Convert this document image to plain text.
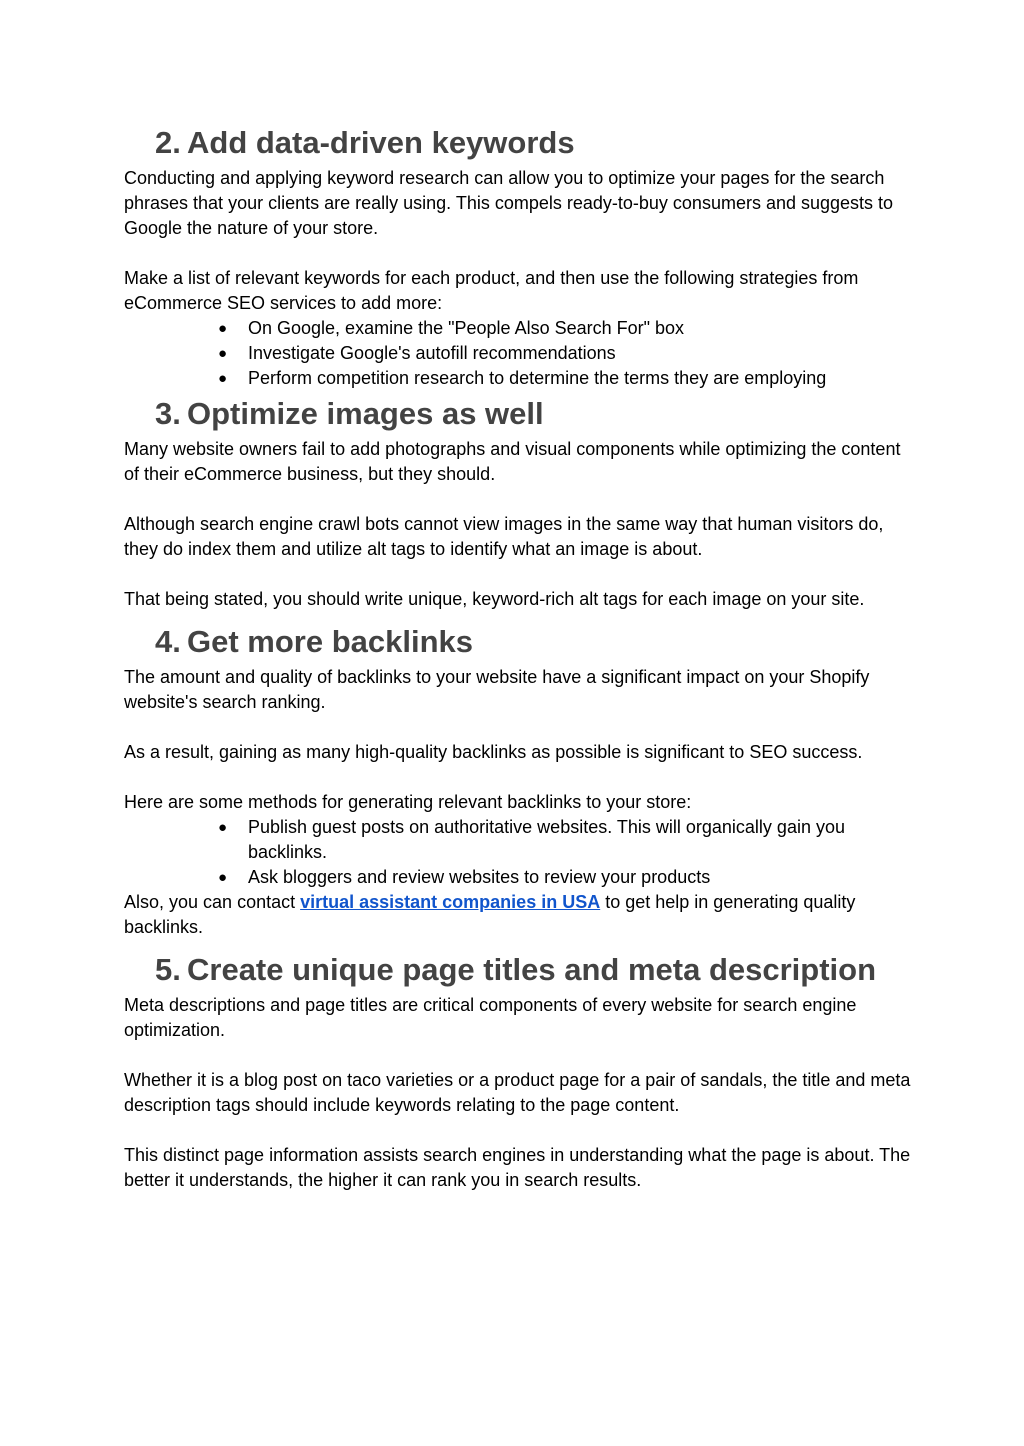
2. Add data-driven keywords

Conducting and applying keyword research can allow you to optimize your pages for the search phrases that your clients are really using. This compels ready-to-buy consumers and suggests to Google the nature of your store.

Make a list of relevant keywords for each product, and then use the following strategies from eCommerce SEO services to add more:

● On Google, examine the "People Also Search For" box
● Investigate Google's autofill recommendations
● Perform competition research to determine the terms they are employing
3. Optimize images as well

Many website owners fail to add photographs and visual components while optimizing the content of their eCommerce business, but they should.

Although search engine crawl bots cannot view images in the same way that human visitors do, they do index them and utilize alt tags to identify what an image is about.

That being stated, you should write unique, keyword-rich alt tags for each image on your site.

4. Get more backlinks

The amount and quality of backlinks to your website have a significant impact on your Shopify website's search ranking.

As a result, gaining as many high-quality backlinks as possible is significant to SEO success.

Here are some methods for generating relevant backlinks to your store:

● Publish guest posts on authoritative websites. This will organically gain you backlinks.
● Ask bloggers and review websites to review your products

Also, you can contact virtual assistant companies in USA to get help in generating quality backlinks.

5. Create unique page titles and meta description

Meta descriptions and page titles are critical components of every website for search engine optimization.

Whether it is a blog post on taco varieties or a product page for a pair of sandals, the title and meta description tags should include keywords relating to the page content.

This distinct page information assists search engines in understanding what the page is about. The better it understands, the higher it can rank you in search results.
